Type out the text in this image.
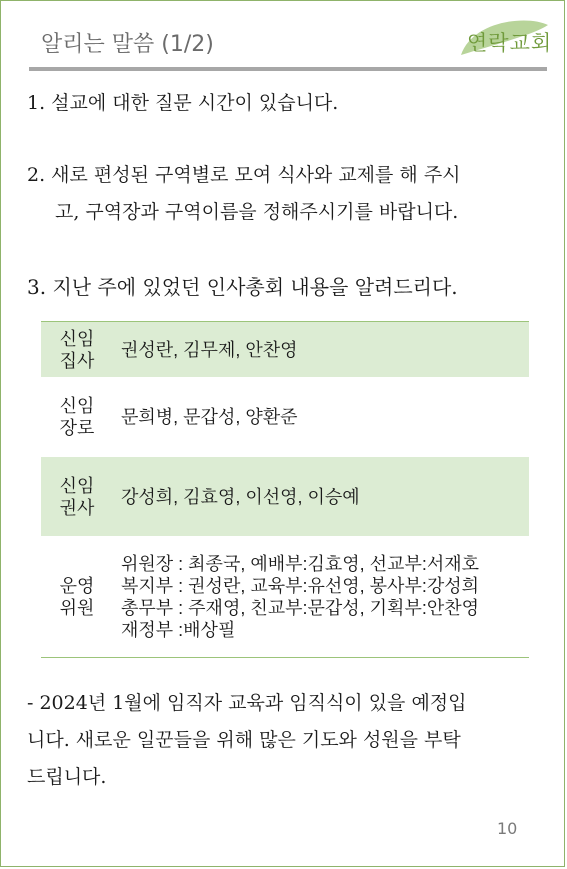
알리는 말씀 (1/2)	연락교회
1. 설교에 대한 질문 시간이 있습니다.
2. 새로 편성된 구역별로 모여 식사와 교제를 해 주시
고, 구역장과 구역이름을 정해주시기를 바랍니다.
3. 지난 주에 있었던 인사총회 내용을 알려드리다.
신임
집사
권성란, 김무제, 안찬영
신임
장로
문희병, 문갑성, 양환준
신임
권사
강성희, 김효영, 이선영, 이승예
운영
위원
위원장 : 최종국, 예배부:김효영, 선교부:서재호
복지부 : 권성란, 교육부:유선영, 봉사부:강성희
총무부 : 주재영, 친교부:문갑성, 기획부:안찬영
재정부 :배상필
- 2024년 1월에 임직자 교육과 임직식이 있을 예정입
니다. 새로운 일꾼들을 위해 많은 기도와 성원을 부탁
드립니다.
10
